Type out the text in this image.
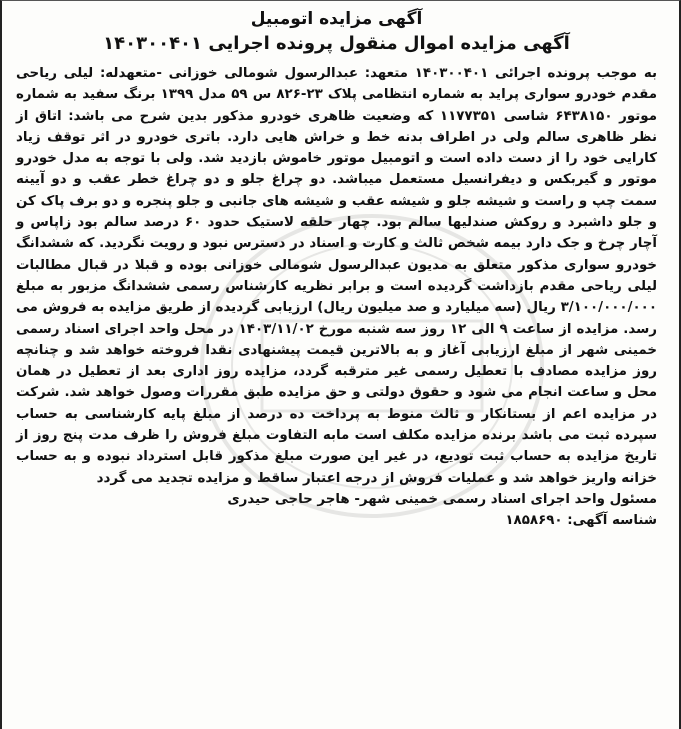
آگهی مزایده اتومبیل

آگهی مزایده اموال منقول پرونده اجرایی ۱۴۰۳۰۰۴۰۱

به موجب پرونده اجرائی ۱۴۰۳۰۰۴۰۱ متعهد: عبدالرسول شومالی خوزانی -متعهدله: لیلی ریاحی مقدم خودرو سواری پراید به شماره انتظامی پلاک ۲۳-۸۲۶ س ۵۹ مدل ۱۳۹۹ برنگ سفید به شماره موتور ۶۴۳۸۱۵۰ شاسی ۱۱۷۷۳۵۱ که وضعیت ظاهری خودرو مذکور بدین شرح می باشد: اتاق از نظر ظاهری سالم ولی در اطراف بدنه خط و خراش هایی دارد. باتری خودرو در اثر توقف زیاد کارایی خود را از دست داده است و اتومبیل موتور خاموش بازدید شد. ولی با توجه به مدل خودرو موتور و گیربکس و دیفرانسیل مستعمل میباشد. دو چراغ جلو و دو چراغ خطر عقب و دو آیینه سمت چپ و راست و شیشه جلو و شیشه عقب و شیشه های جانبی و جلو پنجره و دو برف پاک کن و جلو داشبرد و روکش صندلیها سالم بود. چهار حلقه لاستیک حدود ۶۰ درصد سالم بود زاپاس و آچار چرخ و جک دارد بیمه شخص ثالث و کارت و اسناد در دسترس نبود و رویت نگردید. که ششدانگ خودرو سواری مذکور متعلق به مدیون عبدالرسول شومالی خوزانی بوده و قبلا در قبال مطالبات لیلی ریاحی مقدم بازداشت گردیده است و برابر نظریه کارشناس رسمی ششدانگ مزبور به مبلغ ۳/۱۰۰/۰۰۰/۰۰۰ ریال (سه میلیارد و صد میلیون ریال) ارزیابی گردیده از طریق مزایده به فروش می رسد. مزایده از ساعت ۹ الی ۱۲ روز سه شنبه مورخ ۱۴۰۳/۱۱/۰۲ در محل واحد اجرای اسناد رسمی خمینی شهر از مبلغ ارزیابی آغاز و به بالاترین قیمت پیشنهادی نقدا فروخته خواهد شد و چنانچه روز مزایده مصادف با تعطیل رسمی غیر مترقبه گردد، مزایده روز اداری بعد از تعطیل در همان محل و ساعت انجام می شود و حقوق دولتی و حق مزایده طبق مقررات وصول خواهد شد. شرکت در مزایده اعم از بستانکار و ثالث منوط به پرداخت ده درصد از مبلغ پایه کارشناسی به حساب سپرده ثبت می باشد برنده مزایده مکلف است مابه التفاوت مبلغ فروش را ظرف مدت پنج روز از تاریخ مزایده به حساب ثبت تودیع، در غیر این صورت مبلغ مذکور قابل استرداد نبوده و به حساب خزانه واریز خواهد شد و عملیات فروش از درجه اعتبار ساقط و مزایده تجدید می گردد

مسئول واحد اجرای اسناد رسمی خمینی شهر- هاجر حاجی حیدری

شناسه آگهی: ۱۸۵۸۶۹۰
